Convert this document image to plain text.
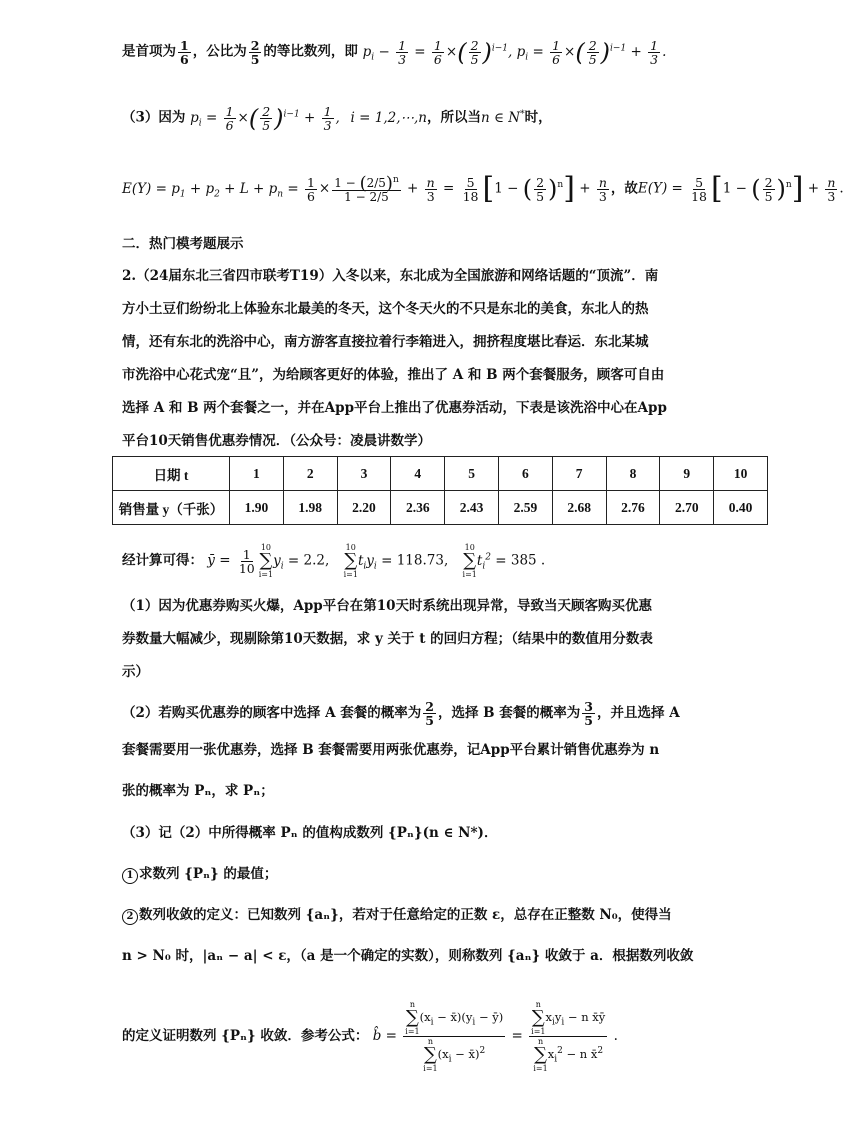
是首项为 $\frac{1}{6}$ ，公比为 $\frac{2}{5}$ 的等比数列，即 $p_i - \frac{1}{3} = \frac{1}{6}$ ×( $\frac{2}{5} )^{i-1}$, $p_i = \frac{1}{6}$ ×( $\frac{2}{5} )^{i-1} + \frac{1}{3}$ .
（3）因为 $p_i = \frac{1}{6}$ ×( $\frac{2}{5} )^{i-1} + \frac{1}{3}$ , i = 1,2,⋯,n，所以当n ∈ N*时，
$E(Y) = p_1 + p_2 + L + p_n = \frac{1}{6} \times \frac{1 - (2/5)^n}{1 - 2/5} + \frac{n}{3} = \frac{5}{18} [1$ − ( $\frac{2}{5} )^n] + \frac{n}{3}$ ，故$E(Y) = \frac{5}{18} [1$ − ( $\frac{2}{5} )^n] + \frac{n}{3}$ .
二．热门模考题展示
2.（24届东北三省四市联考T19）入冬以来，东北成为全国旅游和网络话题的“顶流”．南
方小土豆们纷纷北上体验东北最美的冬天，这个冬天火的不只是东北的美食，东北人的热
情，还有东北的洗浴中心，南方游客直接拉着行李箱进入，拥挤程度堪比春运．东北某城
市洗浴中心花式宠“且”，为给顾客更好的体验，推出了 A 和 B 两个套餐服务，顾客可自由
选择 A 和 B 两个套餐之一，并在App平台上推出了优惠券活动，下表是该洗浴中心在App
平台10天销售优惠券情况．（公众号：凌晨讲数学）
日期 t	1	2	3	4	5	6	7	8	9	10
销售量 y（千张）	1.90	1.98	2.20	2.36	2.43	2.59	2.68	2.76	2.70	0.40
经计算可得： ȳ = $\frac{1}{10} 10$
∑
i=1
$y_i = 2.2$,
10
∑
i=1
$t_iy_i = 118.73$,
10
∑
i=1
$t_i^2 = 385$ .
（1）因为优惠券购买火爆，App平台在第10天时系统出现异常，导致当天顾客购买优惠
券数量大幅减少，现剔除第10天数据，求 y 关于 t 的回归方程；（结果中的数值用分数表
示）
（2）若购买优惠券的顾客中选择 A 套餐的概率为 $\frac{2}{5}$ ，选择 B 套餐的概率为 $\frac{3}{5}$ ，并且选择 A
套餐需要用一张优惠券，选择 B 套餐需要用两张优惠券，记App平台累计销售优惠券为 n
张的概率为 Pₙ，求 Pₙ；
（3）记（2）中所得概率 Pₙ 的值构成数列 {Pₙ}(n ∈ N*)．
1 求数列 {Pₙ} 的最值；
2 数列收敛的定义：已知数列 {aₙ}，若对于任意给定的正数 ε，总存在正整数 N₀，使得当
n > N₀ 时，|aₙ − a| < ε，（a 是一个确定的实数），则称数列 {aₙ} 收敛于 a．根据数列收敛
的定义证明数列 {Pₙ} 收敛．参考公式： b̂ = n
∑
i=1
($x_i$ − $x̄)(y_i$ − ȳ)
n
∑
i=1
($x_i$ − x̄)$^2$ = n
∑
i=1
$x_iy_i - n$ x̄ȳ
n
∑
i=1
$x_i^2 - n$ x̄$^2$ .
